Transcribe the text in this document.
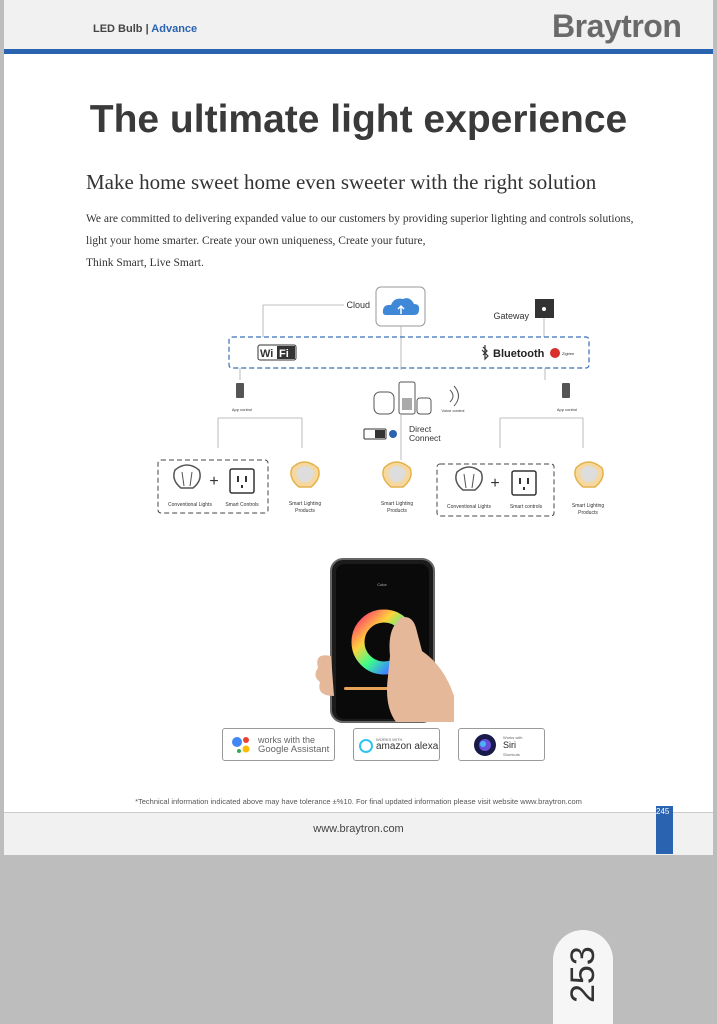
LED Bulb | Advance	Braytron
The ultimate light experience
Make home sweet home even sweeter with the right solution

We are committed to delivering expanded value to our customers by providing superior lighting and controls solutions,

light your home smarter. Create your own uniqueness, Create your future,

Think Smart, Live Smart.

Cloud
Gateway
Wi Fi
WiFi
Bluetooth	Zigbee
App control	App control
Voice control
Direct
Connect
+
Conventional Lights	Smart Controls	Smart Lighting
Products
Smart Lighting
Products
+
Conventional Lights	Smart controls	Smart Lighting
Products
Color
works with the
Google Assistant
WORKS WITH
amazon alexa
Works with
Siri
Shortcuts
*Technical information indicated above may have tolerance ±%10. For final updated information please visit website www.braytron.com
www.braytron.com
245
253
